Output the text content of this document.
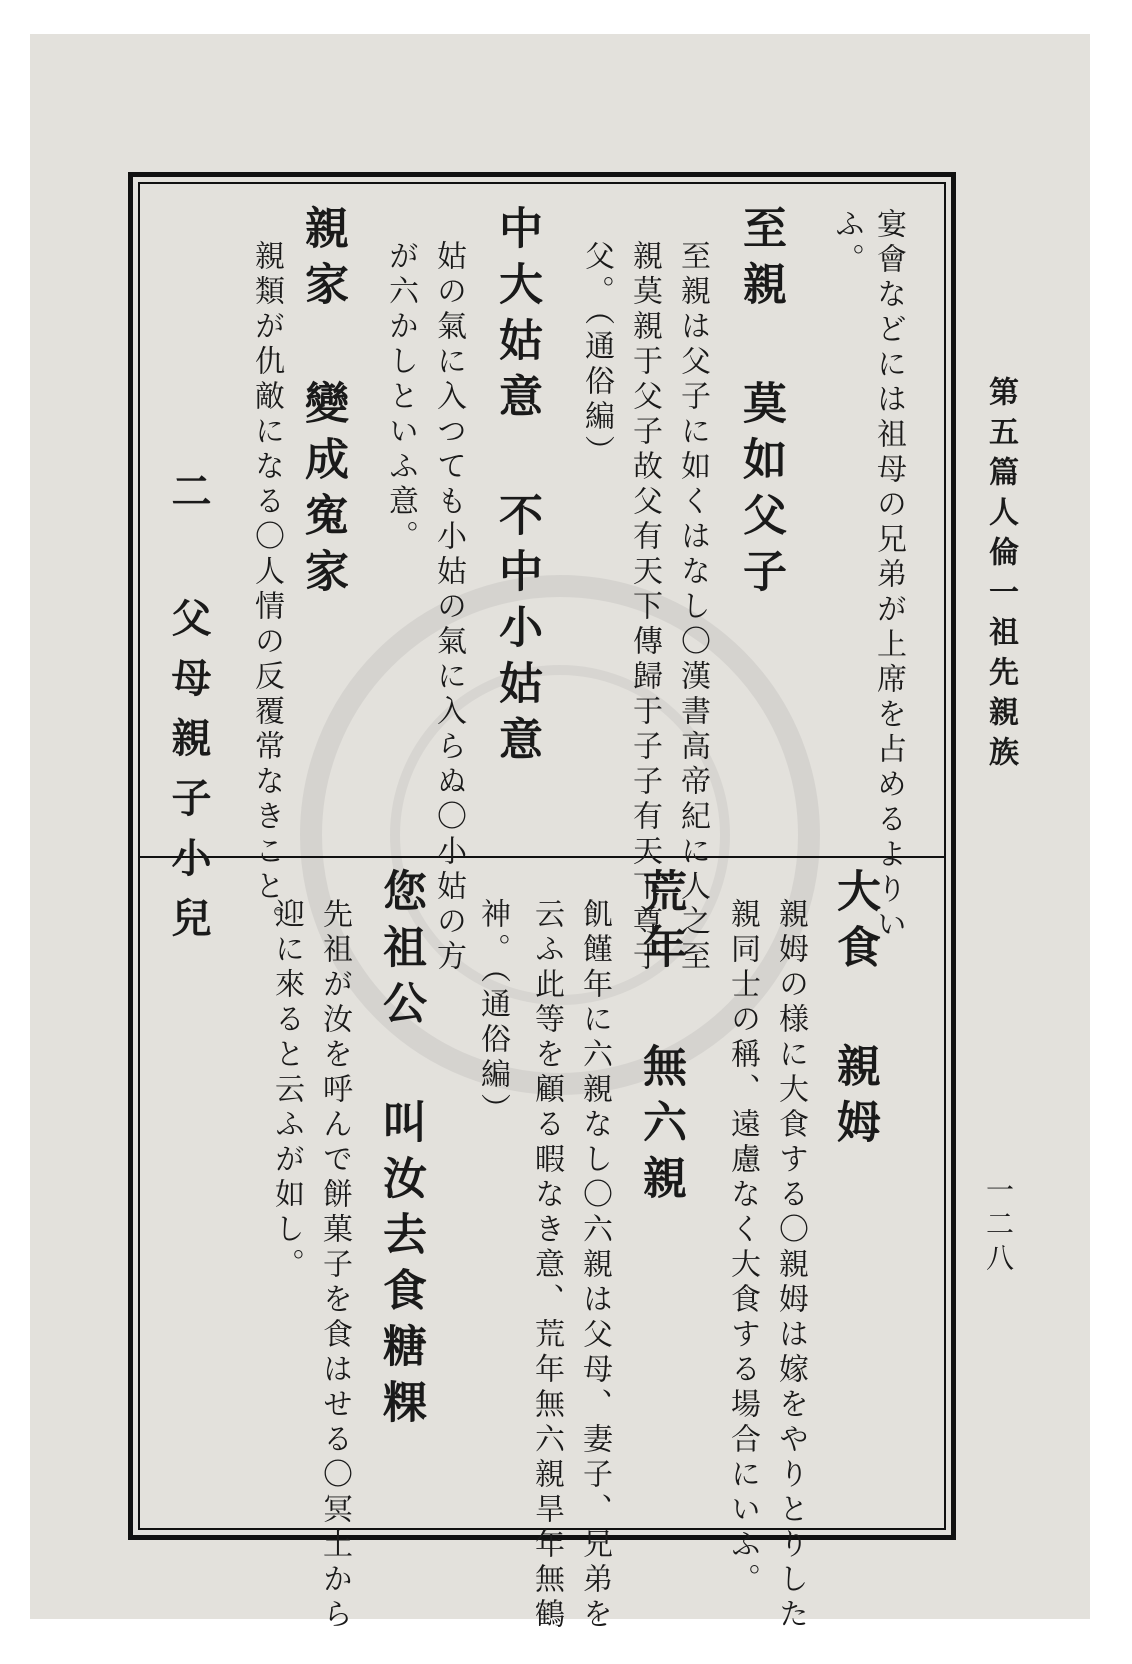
第五篇人倫一祖先親族
一二八
宴會などには祖母の兄弟が上席を占めるよりい
ふ。
至親 莫如父子
至親は父子に如くはなし〇漢書高帝紀に人之至
親莫親于父子故父有天下傳歸于子子有天下尊于
父。（通俗編）
中大姑意 不中小姑意
姑の氣に入つても小姑の氣に入らぬ〇小姑の方
が六かしといふ意。
親家 變成寃家
親類が仇敵になる〇人情の反覆常なきこと。
二 父母親子小兒
大食 親姆
親姆の様に大食する〇親姆は嫁をやりとりした
親同士の稱、遠慮なく大食する場合にいふ。
荒年 無六親
飢饉年に六親なし〇六親は父母、妻子、兄弟を
云ふ此等を顧る暇なき意、荒年無六親旱年無鶴
神。（通俗編）
您祖公 叫汝去食糖粿
先祖が汝を呼んで餅菓子を食はせる〇冥土から
迎に來ると云ふが如し。
